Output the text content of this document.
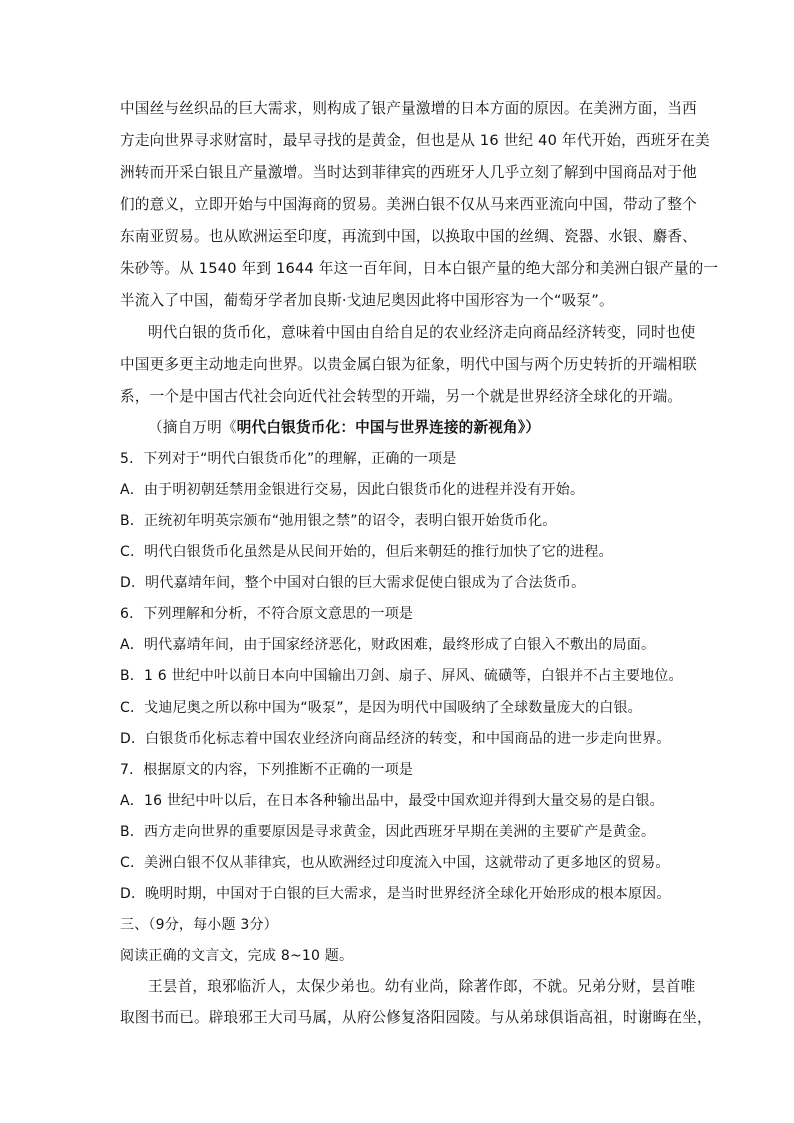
中国丝与丝织品的巨大需求，则构成了银产量激增的日本方面的原因。在美洲方面，当西
方走向世界寻求财富时，最早寻找的是黄金，但也是从 16 世纪 40 年代开始，西班牙在美
洲转而开采白银且产量激增。当时达到菲律宾的西班牙人几乎立刻了解到中国商品对于他
们的意义，立即开始与中国海商的贸易。美洲白银不仅从马来西亚流向中国，带动了整个
东南亚贸易。也从欧洲运至印度，再流到中国，以换取中国的丝绸、瓷器、水银、麝香、
朱砂等。从 1540 年到 1644 年这一百年间，日本白银产量的绝大部分和美洲白银产量的一
半流入了中国，葡萄牙学者加良斯·戈迪尼奥因此将中国形容为一个“吸泵”。
明代白银的货币化，意味着中国由自给自足的农业经济走向商品经济转变，同时也使
中国更多更主动地走向世界。以贵金属白银为征象，明代中国与两个历史转折的开端相联
系，一个是中国古代社会向近代社会转型的开端，另一个就是世界经济全球化的开端。
（摘自万明《明代白银货币化：中国与世界连接的新视角》）
5．下列对于“明代白银货币化”的理解，正确的一项是
A．由于明初朝廷禁用金银进行交易，因此白银货币化的进程并没有开始。
B．正统初年明英宗颁布“弛用银之禁”的诏令，表明白银开始货币化。
C．明代白银货币化虽然是从民间开始的，但后来朝廷的推行加快了它的进程。
D．明代嘉靖年间，整个中国对白银的巨大需求促使白银成为了合法货币。
6．下列理解和分析，不符合原文意思的一项是
A．明代嘉靖年间，由于国家经济恶化，财政困难，最终形成了白银入不敷出的局面。
B．1 6 世纪中叶以前日本向中国输出刀剑、扇子、屏风、硫磺等，白银并不占主要地位。
C．戈迪尼奥之所以称中国为“吸泵”，是因为明代中国吸纳了全球数量庞大的白银。
D．白银货币化标志着中国农业经济向商品经济的转变，和中国商品的进一步走向世界。
7．根据原文的内容，下列推断不正确的一项是
A．16 世纪中叶以后，在日本各种输出品中，最受中国欢迎并得到大量交易的是白银。
B．西方走向世界的重要原因是寻求黄金，因此西班牙早期在美洲的主要矿产是黄金。
C．美洲白银不仅从菲律宾，也从欧洲经过印度流入中国，这就带动了更多地区的贸易。
D．晚明时期，中国对于白银的巨大需求，是当时世界经济全球化开始形成的根本原因。
三、（9分，每小题 3分）
阅读正确的文言文，完成 8~10 题。
王昙首，琅邪临沂人，太保少弟也。幼有业尚，除著作郎，不就。兄弟分财，昙首唯
取图书而已。辟琅邪王大司马属，从府公修复洛阳园陵。与从弟球俱诣高祖，时谢晦在坐，
